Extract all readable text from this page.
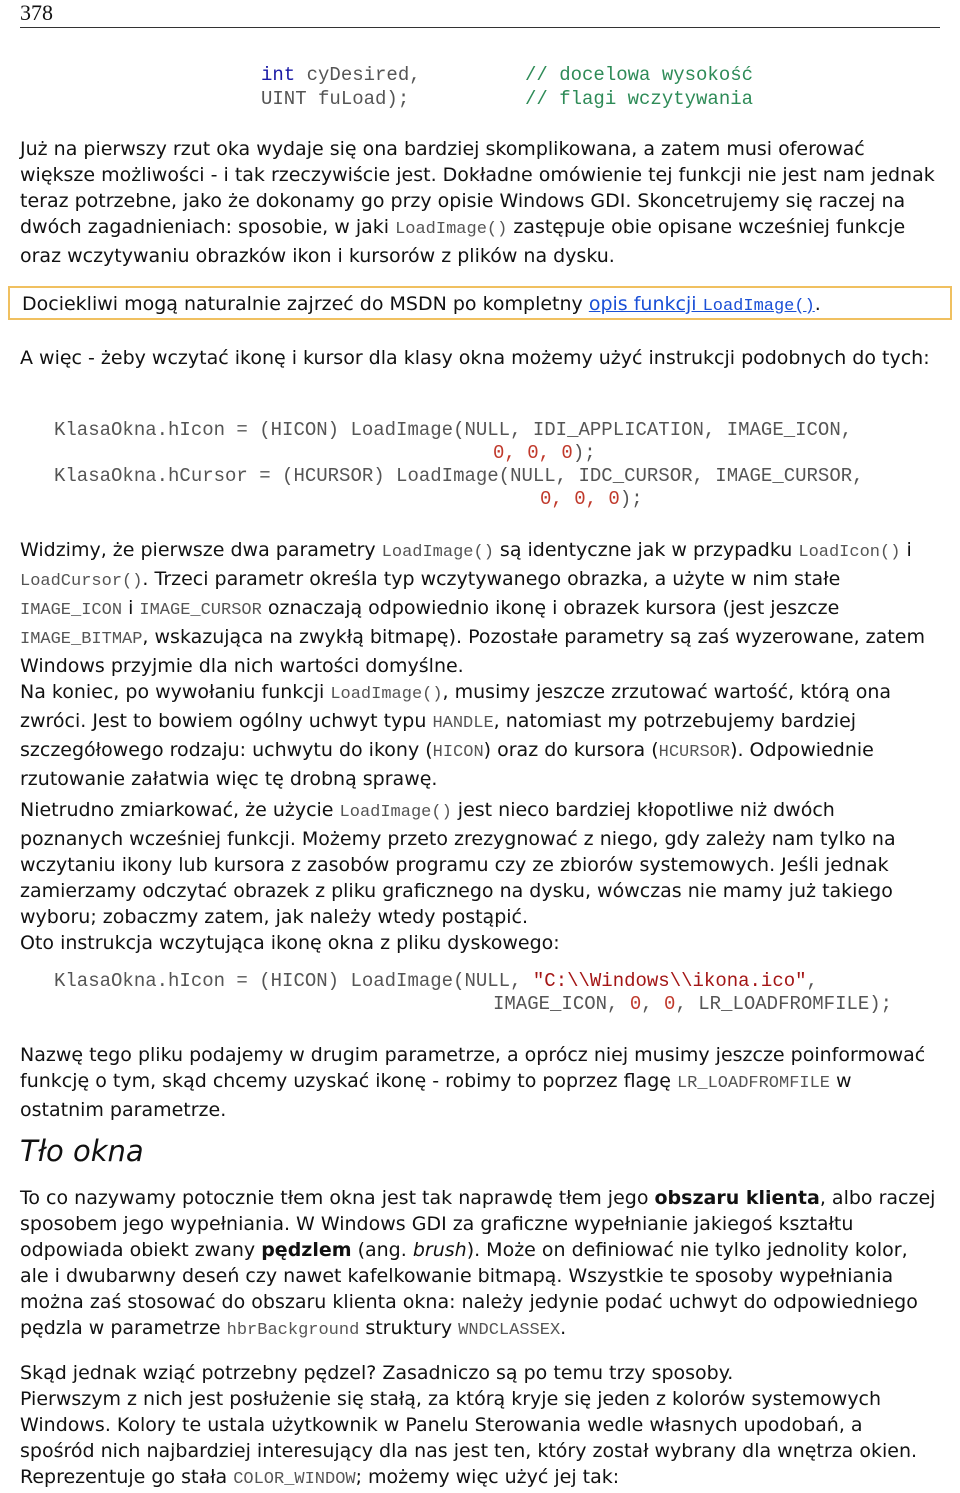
378
int cyDesired,	// docelowa wysokość
UINT fuLoad);	// flagi wczytywania

Już na pierwszy rzut oka wydaje się ona bardziej skomplikowana, a zatem musi oferować większe możliwości - i tak rzeczywiście jest. Dokładne omówienie tej funkcji nie jest nam jednak teraz potrzebne, jako że dokonamy go przy opisie Windows GDI. Skoncetrujemy się raczej na dwóch zagadnieniach: sposobie, w jaki LoadImage() zastępuje obie opisane wcześniej funkcje oraz wczytywaniu obrazków ikon i kursorów z plików na dysku.

Dociekliwi mogą naturalnie zajrzeć do MSDN po kompletny opis funkcji LoadImage().

A więc - żeby wczytać ikonę i kursor dla klasy okna możemy użyć instrukcji podobnych do tych:

KlasaOkna.hIcon = (HICON) LoadImage(NULL, IDI_APPLICATION, IMAGE_ICON,
0, 0, 0);
KlasaOkna.hCursor = (HCURSOR) LoadImage(NULL, IDC_CURSOR, IMAGE_CURSOR,
0, 0, 0);

Widzimy, że pierwsze dwa parametry LoadImage() są identyczne jak w przypadku LoadIcon() i LoadCursor(). Trzeci parametr określa typ wczytywanego obrazka, a użyte w nim stałe IMAGE_ICON i IMAGE_CURSOR oznaczają odpowiednio ikonę i obrazek kursora (jest jeszcze IMAGE_BITMAP, wskazująca na zwykłą bitmapę). Pozostałe parametry są zaś wyzerowane, zatem Windows przyjmie dla nich wartości domyślne.

Na koniec, po wywołaniu funkcji LoadImage(), musimy jeszcze zrzutować wartość, którą ona zwróci. Jest to bowiem ogólny uchwyt typu HANDLE, natomiast my potrzebujemy bardziej szczegółowego rodzaju: uchwytu do ikony (HICON) oraz do kursora (HCURSOR). Odpowiednie rzutowanie załatwia więc tę drobną sprawę.

Nietrudno zmiarkować, że użycie LoadImage() jest nieco bardziej kłopotliwe niż dwóch poznanych wcześniej funkcji. Możemy przeto zrezygnować z niego, gdy zależy nam tylko na wczytaniu ikony lub kursora z zasobów programu czy ze zbiorów systemowych. Jeśli jednak zamierzamy odczytać obrazek z pliku graficznego na dysku, wówczas nie mamy już takiego wyboru; zobaczmy zatem, jak należy wtedy postąpić.

Oto instrukcja wczytująca ikonę okna z pliku dyskowego:

KlasaOkna.hIcon = (HICON) LoadImage(NULL, "C:\\Windows\\ikona.ico",
IMAGE_ICON, 0, 0, LR_LOADFROMFILE);

Nazwę tego pliku podajemy w drugim parametrze, a oprócz niej musimy jeszcze poinformować funkcję o tym, skąd chcemy uzyskać ikonę - robimy to poprzez flagę LR_LOADFROMFILE w ostatnim parametrze.

Tło okna

To co nazywamy potocznie tłem okna jest tak naprawdę tłem jego obszaru klienta, albo raczej sposobem jego wypełniania. W Windows GDI za graficzne wypełnianie jakiegoś kształtu odpowiada obiekt zwany pędzlem (ang. brush). Może on definiować nie tylko jednolity kolor, ale i dwubarwny deseń czy nawet kafelkowanie bitmapą. Wszystkie te sposoby wypełniania można zaś stosować do obszaru klienta okna: należy jedynie podać uchwyt do odpowiedniego pędzla w parametrze hbrBackground struktury WNDCLASSEX.

Skąd jednak wziąć potrzebny pędzel? Zasadniczo są po temu trzy sposoby.

Pierwszym z nich jest posłużenie się stałą, za którą kryje się jeden z kolorów systemowych Windows. Kolory te ustala użytkownik w Panelu Sterowania wedle własnych upodobań, a spośród nich najbardziej interesujący dla nas jest ten, który został wybrany dla wnętrza okien. Reprezentuje go stała COLOR_WINDOW; możemy więc użyć jej tak:
